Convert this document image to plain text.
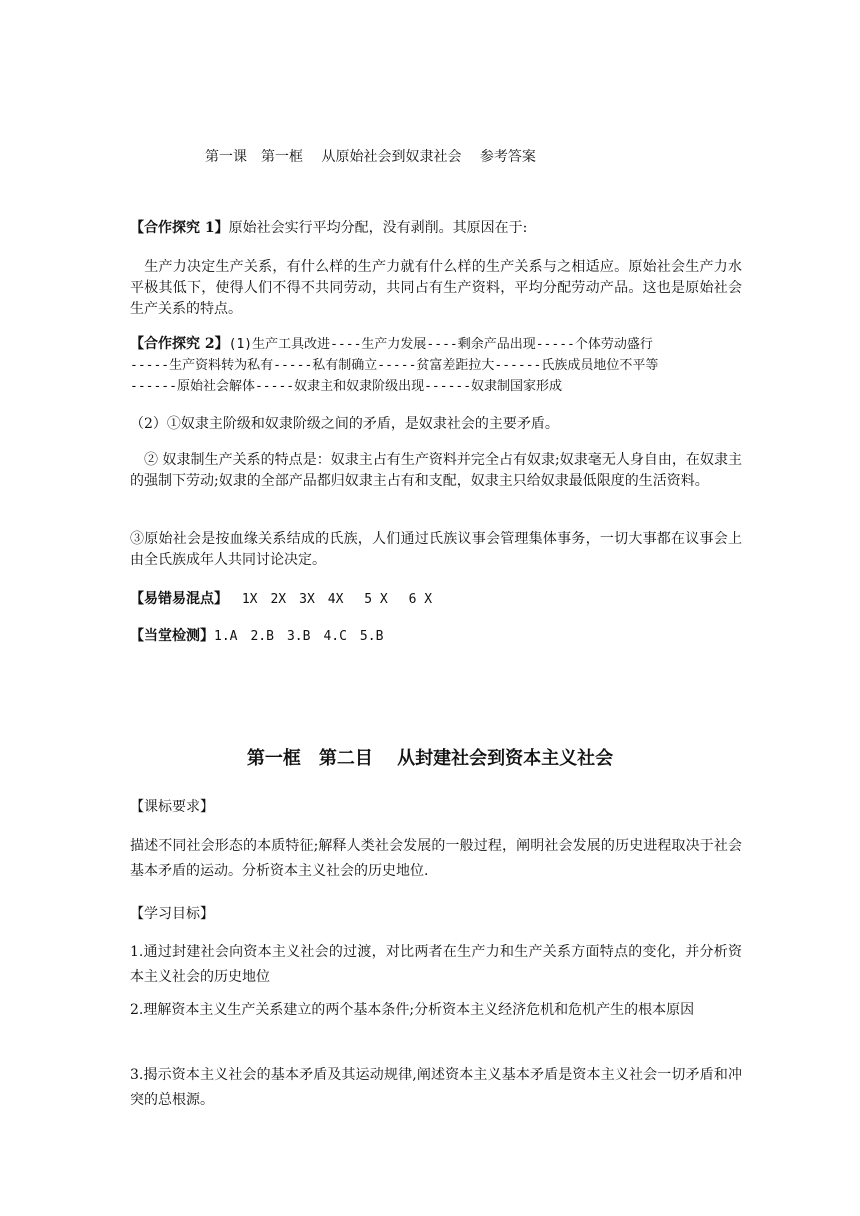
第一课　第一框　 从原始社会到奴隶社会　 参考答案
【合作探究 1】原始社会实行平均分配，没有剥削。其原因在于:
　生产力决定生产关系，有什么样的生产力就有什么样的生产关系与之相适应。原始社会生产力水平极其低下，使得人们不得不共同劳动，共同占有生产资料，平均分配劳动产品。这也是原始社会生产关系的特点。
【合作探究 2】(1)生产工具改进----生产力发展----剩余产品出现-----个体劳动盛行
-----生产资料转为私有-----私有制确立-----贫富差距拉大------氏族成员地位不平等
------原始社会解体-----奴隶主和奴隶阶级出现------奴隶制国家形成
（2）①奴隶主阶级和奴隶阶级之间的矛盾，是奴隶社会的主要矛盾。
　② 奴隶制生产关系的特点是：奴隶主占有生产资料并完全占有奴隶;奴隶毫无人身自由，在奴隶主的强制下劳动;奴隶的全部产品都归奴隶主占有和支配，奴隶主只给奴隶最低限度的生活资料。
③原始社会是按血缘关系结成的氏族，人们通过氏族议事会管理集体事务，一切大事都在议事会上由全氏族成年人共同讨论决定。
【易错易混点】　 1X　2X　3X　4X　 5 X　 6 X
【当堂检测】1.A　2.B　3.B　4.C　5.B
第一框　第二目　 从封建社会到资本主义社会
【课标要求】
描述不同社会形态的本质特征;解释人类社会发展的一般过程，阐明社会发展的历史进程取决于社会基本矛盾的运动。分析资本主义社会的历史地位.
【学习目标】
1.通过封建社会向资本主义社会的过渡，对比两者在生产力和生产关系方面特点的变化，并分析资本主义社会的历史地位
2.理解资本主义生产关系建立的两个基本条件;分析资本主义经济危机和危机产生的根本原因
3.揭示资本主义社会的基本矛盾及其运动规律,阐述资本主义基本矛盾是资本主义社会一切矛盾和冲突的总根源。
